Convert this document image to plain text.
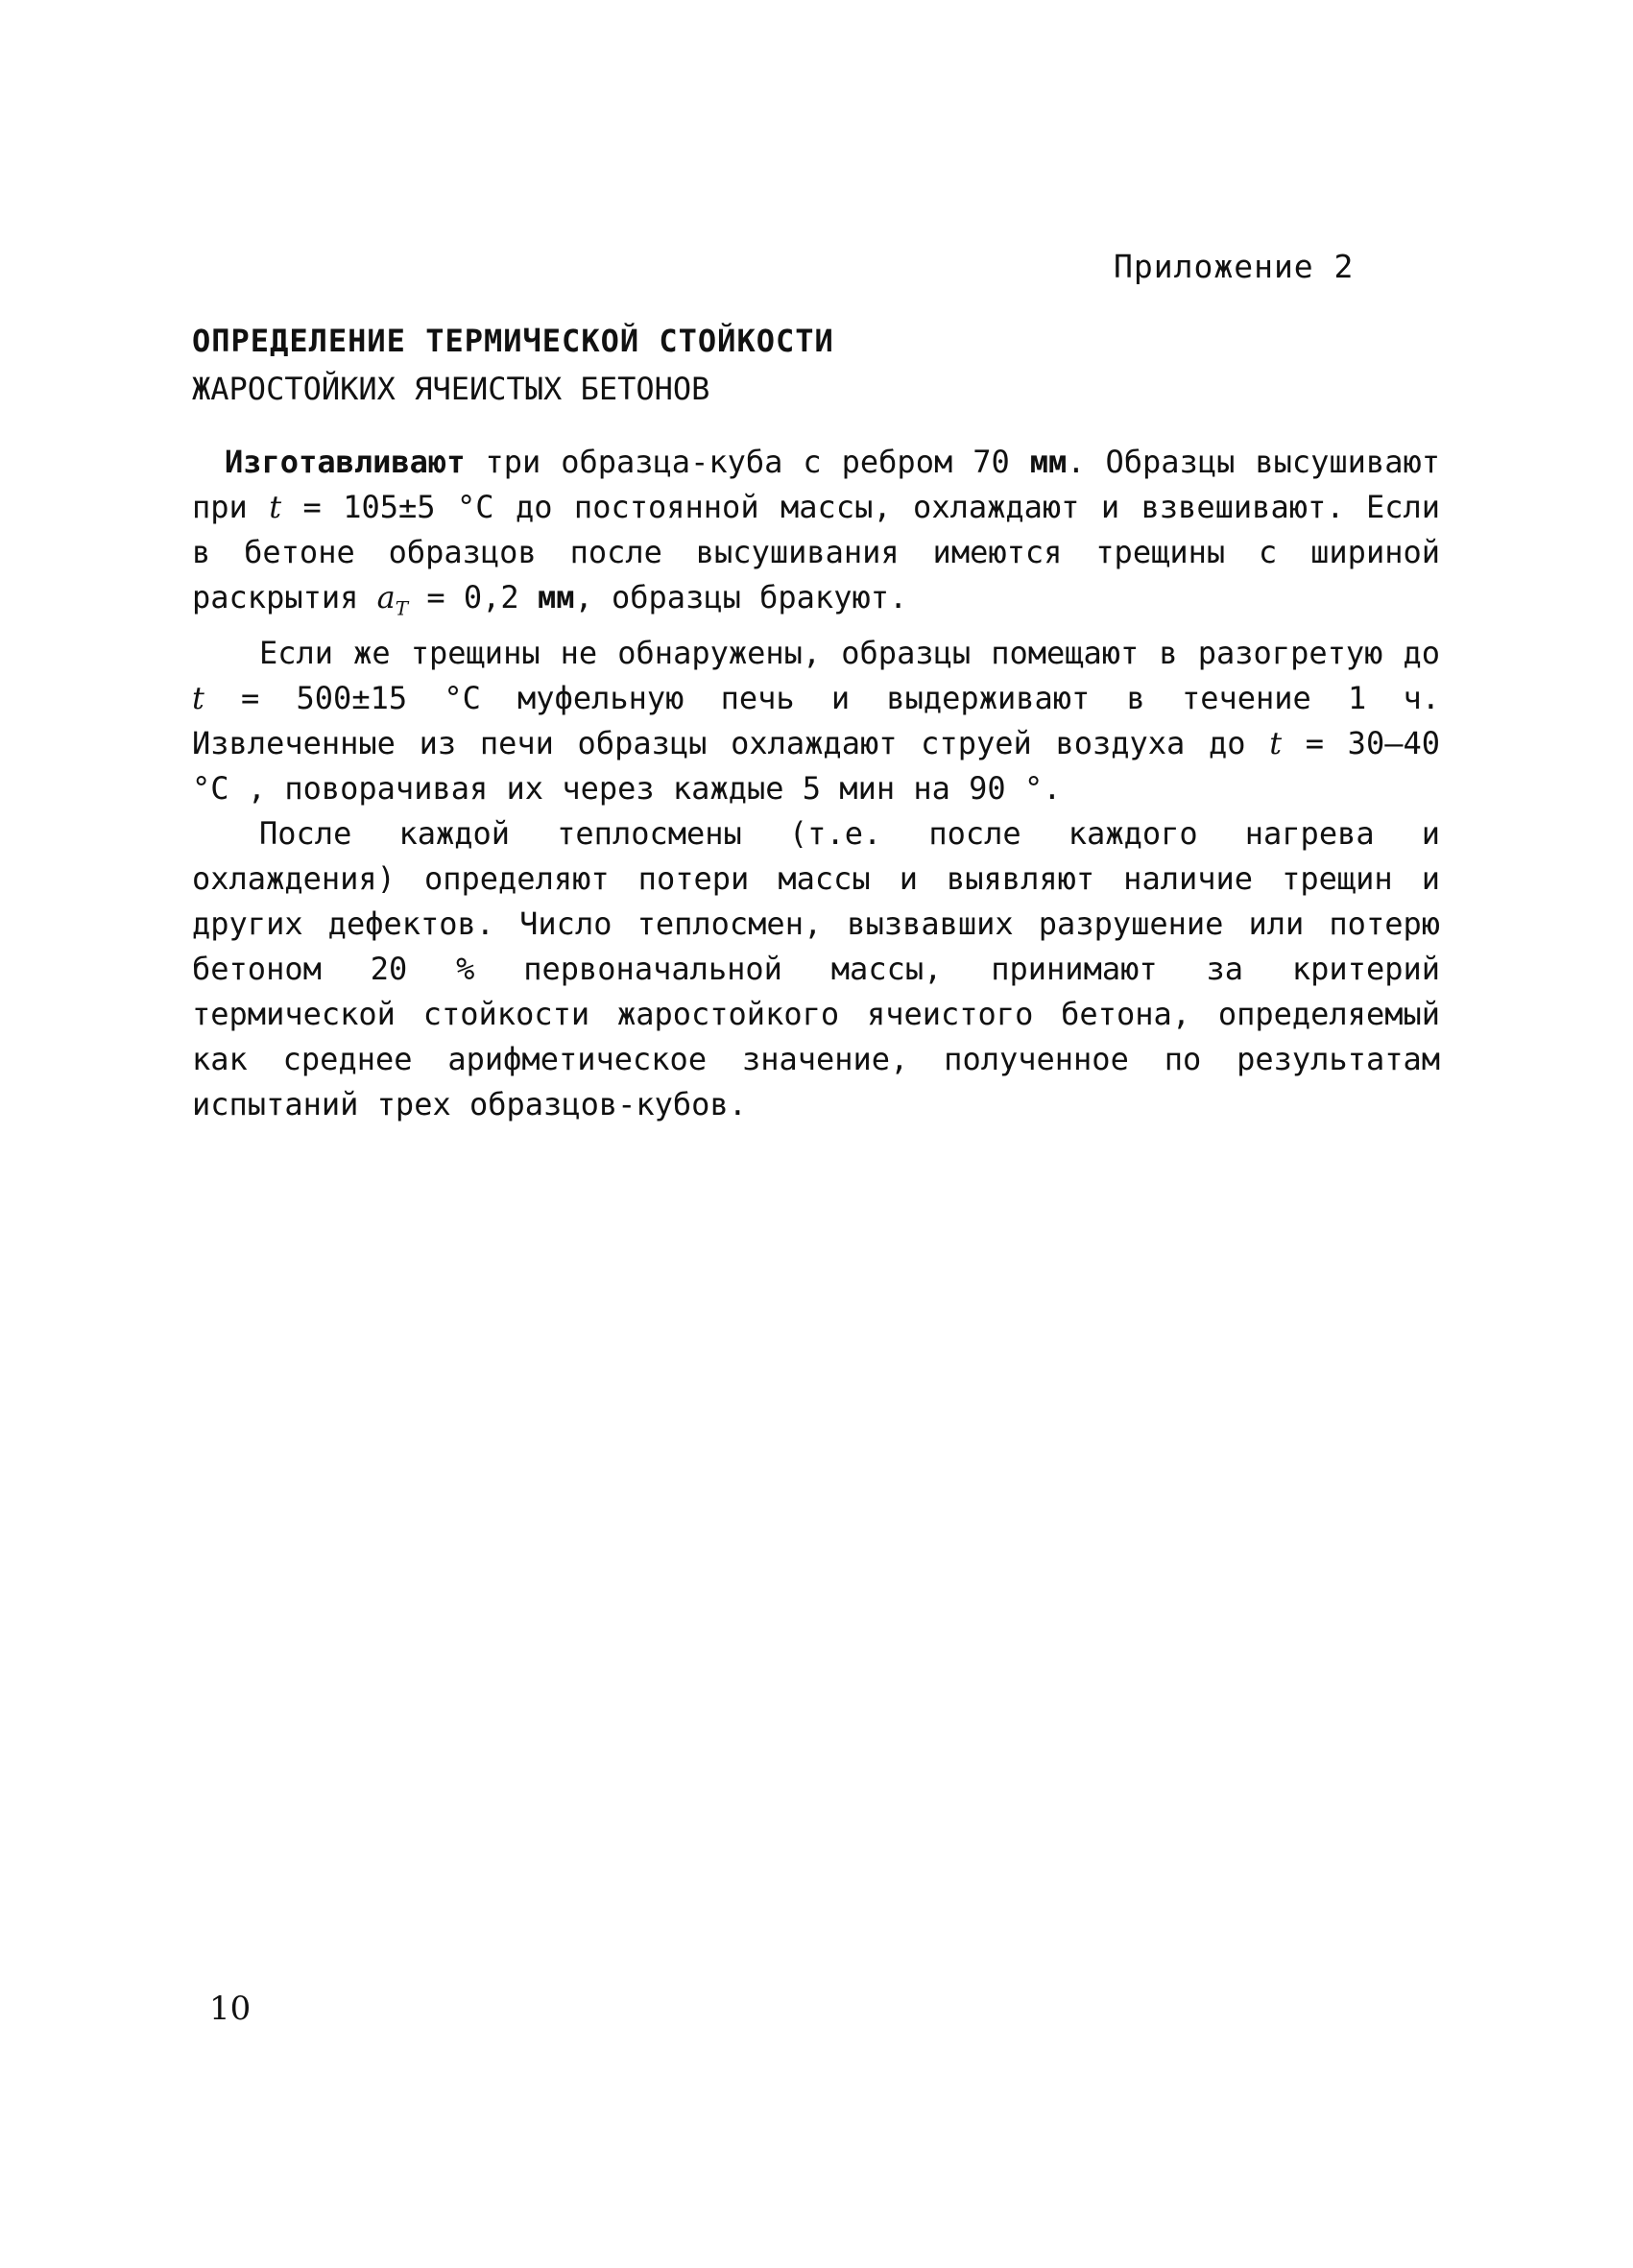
Приложение 2
ОПРЕДЕЛЕНИЕ ТЕРМИЧЕСКОЙ СТОЙКОСТИ
ЖАРОСТОЙКИХ ЯЧЕИСТЫХ БЕТОНОВ

Изготавливают три образца-куба с ребром 70 мм. Образцы высушивают при t = 105±5 °С до постоянной массы, охлаждают и взвешивают. Если в бетоне образцов после высушивания имеются трещины с шириной раскрытия $a_T = 0,2$ мм, образцы бракуют.

Если же трещины не обнаружены, образцы помещают в разогретую до t = 500±15 °С муфельную печь и выдерживают в течение 1 ч. Извлеченные из печи образцы охлаждают струей воздуха до t = 30–40 °С , поворачивая их через каждые 5 мин на 90 °.

После каждой теплосмены (т.е. после каждого нагрева и охлаждения) определяют потери массы и выявляют наличие трещин и других дефектов. Число теплосмен, вызвавших разрушение или потерю бетоном 20 % первоначальной массы, принимают за критерий термической стойкости жаростойкого ячеистого бетона, определяемый как среднее арифметическое значение, полученное по результатам испытаний трех образцов-кубов.

10
